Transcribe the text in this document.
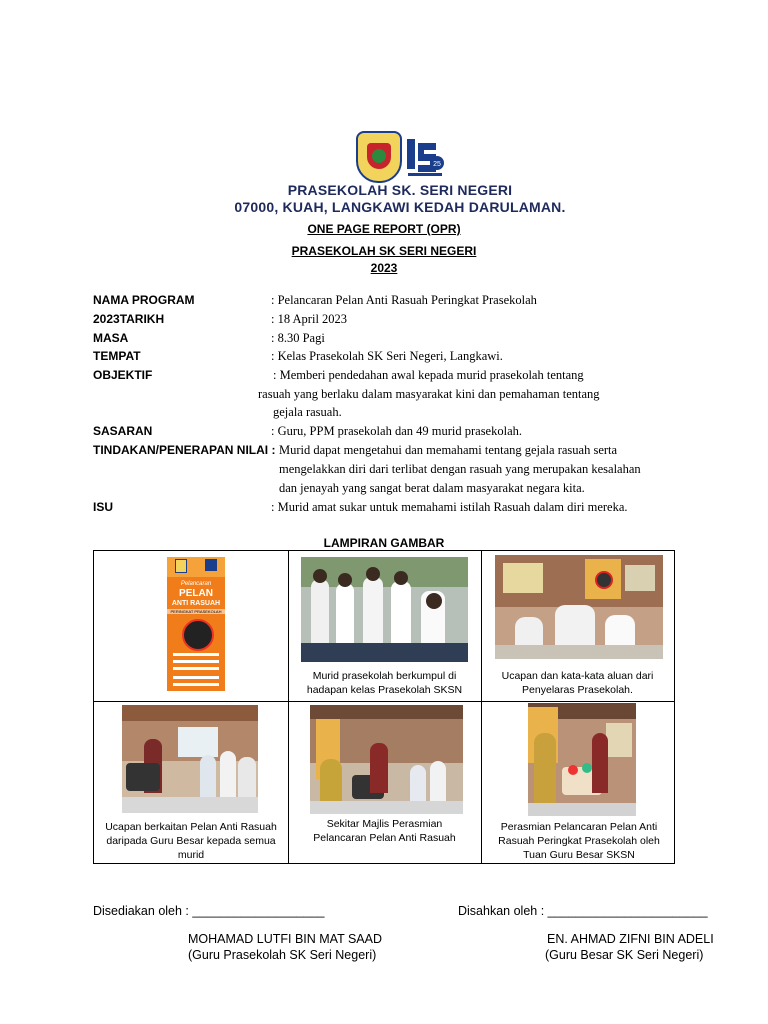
25
PRASEKOLAH SK. SERI NEGERI
07000, KUAH, LANGKAWI KEDAH DARULAMAN.
ONE PAGE REPORT (OPR)
PRASEKOLAH SK SERI NEGERI
2023
NAMA PROGRAM	: Pelancaran Pelan Anti Rasuah Peringkat Prasekolah
2023TARIKH	: 18 April 2023
MASA	: 8.30 Pagi
TEMPAT	: Kelas Prasekolah SK Seri Negeri, Langkawi.
OBJEKTIF	: Memberi pendedahan awal kepada murid prasekolah tentang
rasuah yang berlaku dalam masyarakat kini dan pemahaman tentang
gejala rasuah.
SASARAN	: Guru, PPM prasekolah dan 49 murid prasekolah.
TINDAKAN/PENERAPAN NILAI : Murid dapat mengetahui dan memahami tentang gejala rasuah serta
mengelakkan diri dari terlibat dengan rasuah yang merupakan kesalahan
dan jenayah yang sangat berat dalam masyarakat negara kita.
ISU	: Murid amat sukar untuk memahami istilah Rasuah dalam diri mereka.
LAMPIRAN GAMBAR
Pelancaran
PELAN
ANTI RASUAH
PERINGKAT PRASEKOLAH
Murid prasekolah berkumpul di
hadapan kelas Prasekolah SKSN
Ucapan dan kata-kata aluan dari
Penyelaras Prasekolah.
Ucapan berkaitan Pelan Anti Rasuah
daripada Guru Besar kepada semua
murid
Sekitar Majlis Perasmian
Pelancaran Pelan Anti Rasuah
Perasmian Pelancaran Pelan Anti
Rasuah Peringkat Prasekolah oleh
Tuan Guru Besar SKSN
Disediakan oleh : ___________________	Disahkan oleh : _______________________
MOHAMAD LUTFI BIN MAT SAAD
(Guru Prasekolah SK Seri Negeri)
EN. AHMAD ZIFNI BIN ADELI
(Guru Besar SK Seri Negeri)
